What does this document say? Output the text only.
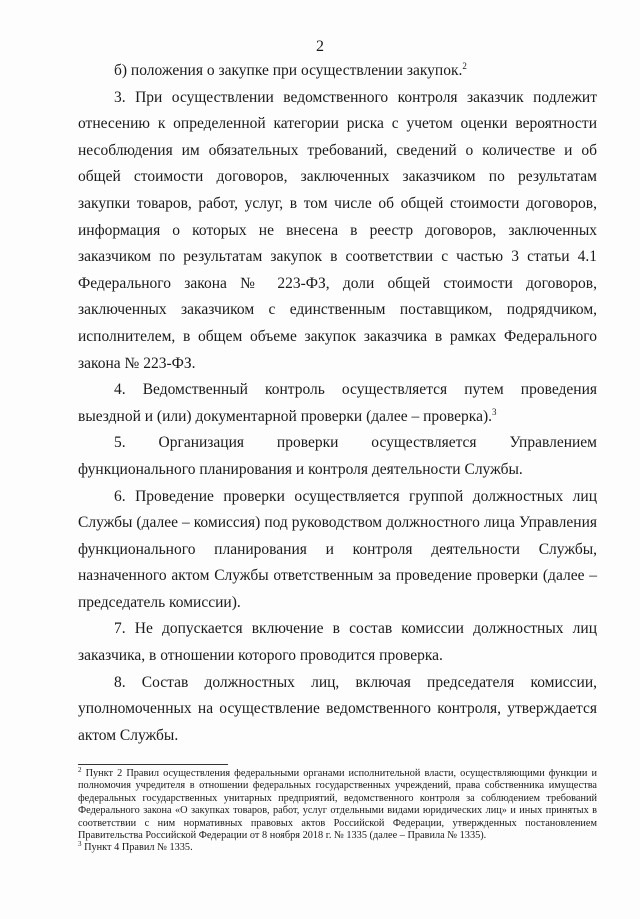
2

б) положения о закупке при осуществлении закупок.$^2$

3. При осуществлении ведомственного контроля заказчик подлежит отнесению к определенной категории риска с учетом оценки вероятности несоблюдения им обязательных требований, сведений о количестве и об общей стоимости договоров, заключенных заказчиком по результатам закупки товаров, работ, услуг, в том числе об общей стоимости договоров, информация о которых не внесена в реестр договоров, заключенных заказчиком по результатам закупок в соответствии с частью 3 статьи 4.1 Федерального закона № 223-ФЗ, доли общей стоимости договоров, заключенных заказчиком с единственным поставщиком, подрядчиком, исполнителем, в общем объеме закупок заказчика в рамках Федерального закона № 223-ФЗ.

4. Ведомственный контроль осуществляется путем проведения выездной и (или) документарной проверки (далее – проверка).$^3$

5. Организация проверки осуществляется Управлением функционального планирования и контроля деятельности Службы.

6. Проведение проверки осуществляется группой должностных лиц Службы (далее – комиссия) под руководством должностного лица Управления функционального планирования и контроля деятельности Службы, назначенного актом Службы ответственным за проведение проверки (далее – председатель комиссии).

7. Не допускается включение в состав комиссии должностных лиц заказчика, в отношении которого проводится проверка.

8. Состав должностных лиц, включая председателя комиссии, уполномоченных на осуществление ведомственного контроля, утверждается актом Службы.

$^2$ Пункт 2 Правил осуществления федеральными органами исполнительной власти, осуществляющими функции и полномочия учредителя в отношении федеральных государственных учреждений, права собственника имущества федеральных государственных унитарных предприятий, ведомственного контроля за соблюдением требований Федерального закона «О закупках товаров, работ, услуг отдельными видами юридических лиц» и иных принятых в соответствии с ним нормативных правовых актов Российской Федерации, утвержденных постановлением Правительства Российской Федерации от 8 ноября 2018 г. № 1335 (далее – Правила № 1335).

$^3$ Пункт 4 Правил № 1335.
